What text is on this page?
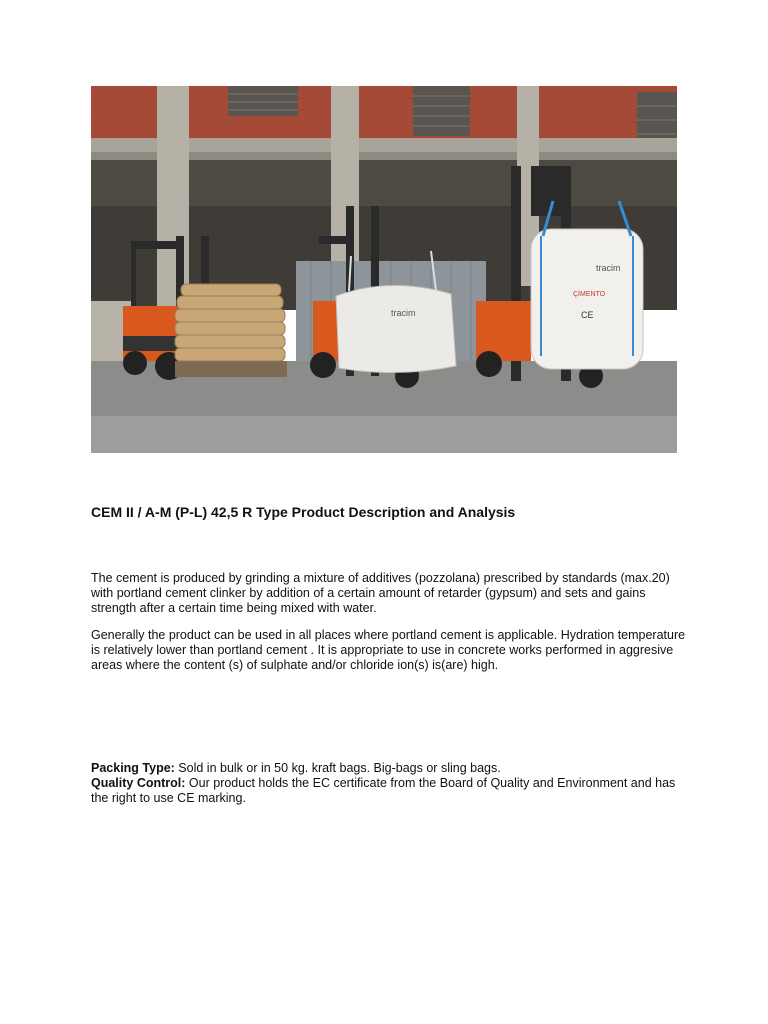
tracim
tracim
ÇİMENTO
CE
CEM II / A-M (P-L) 42,5 R Type Product Description and Analysis

The cement is produced by grinding a mixture of additives (pozzolana) prescribed by standards (max.20) with portland cement clinker by addition of a certain amount of retarder (gypsum) and sets and gains strength after a certain time being mixed with water.

Generally the product can be used in all places where portland cement is applicable. Hydration temperature is relatively lower than portland cement . It is appropriate to use in concrete works performed in aggresive areas where the content (s) of sulphate and/or chloride ion(s) is(are) high.

Packing Type: Sold in bulk or in 50 kg. kraft bags. Big-bags or sling bags.

Quality Control: Our product holds the EC certificate from the Board of Quality and Environment and has the right to use CE marking.
